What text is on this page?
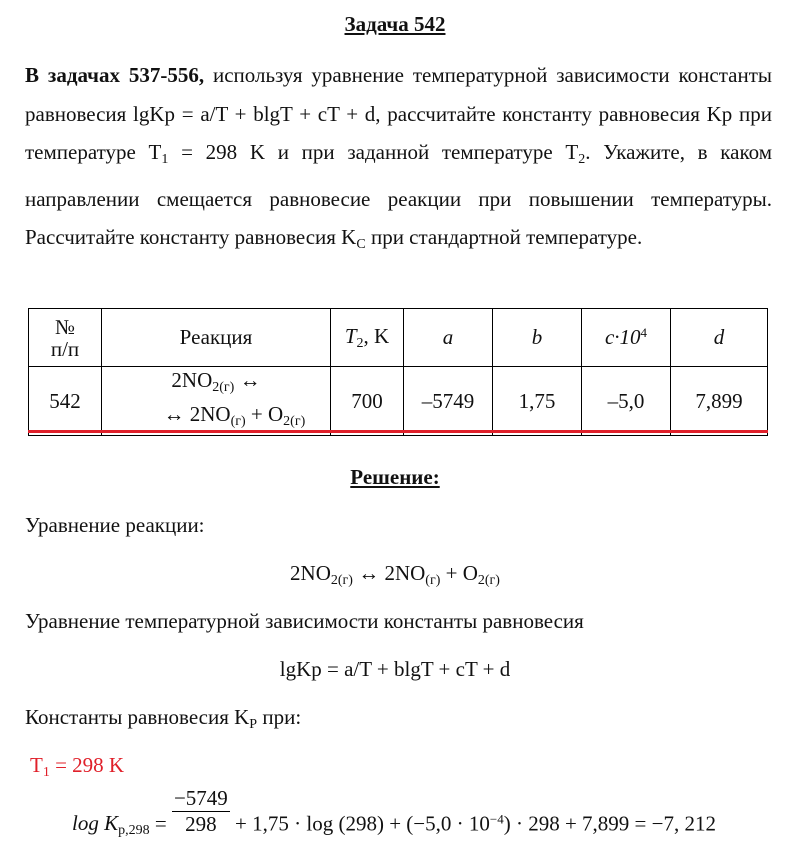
Задача 542
В задачах 537-556, используя уравнение температурной зависимости константы равновесия lgKp = a/T + blgT + cT + d, рассчитайте константу равновесия Kp при температуре $T_1 = 298$ K и при заданной температуре $T_2$. Укажите, в каком направлении смещается равновесие реакции при повышении температуры. Рассчитайте константу равновесия $K_C$ при стандартной температуре.
№
п/п	Реакция	$T_2$, K	a	b	$c\cdot 10^4$	d
542	$2NO_{2(г)}$ ↔
↔ $2NO_{(г)} + O_{2(г)}$	700	–5749	1,75	–5,0	7,899
Решение:
Уравнение реакции:
$2NO_{2(г)}$ ↔ $2NO_{(г)} + O_{2(г)}$
Уравнение температурной зависимости константы равновесия
lgKp = a/T + blgT + cT + d
Константы равновесия $K_P$ при:
$T_1 = 298$ K
$\log K_{p,298} = \frac{-5749}{298} + 1,75 \cdot \log (298) + (-5,0 \cdot 10^{-4}) \cdot 298 + 7,899 = -7$, 212
